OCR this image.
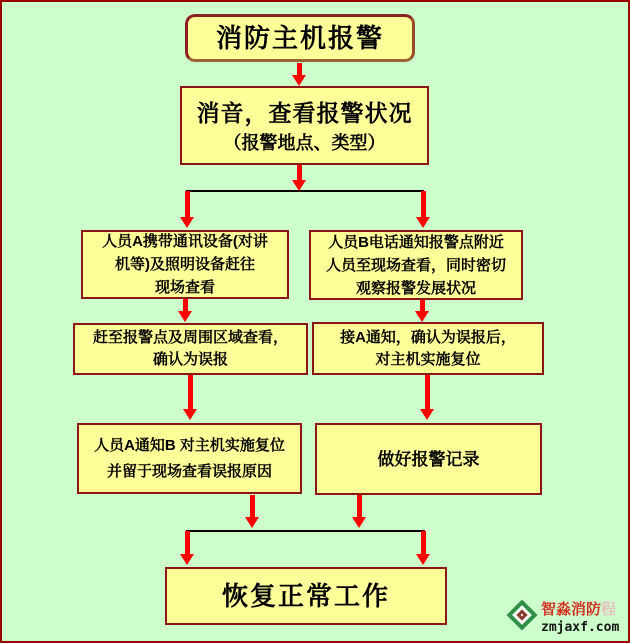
消防主机报警
消音，查看报警状况
（报警地点、类型）
人员A携带通讯设备(对讲
机等)及照明设备赶往
现场查看
人员B电话通知报警点附近
人员至现场查看，同时密切
观察报警发展状况
赶至报警点及周围区域查看，
确认为误报
接A通知，确认为误报后，
对主机实施复位
人员A通知B 对主机实施复位
并留于现场查看误报原因
做好报警记录
恢复正常工作	智淼消防程
zmjaxf.com
